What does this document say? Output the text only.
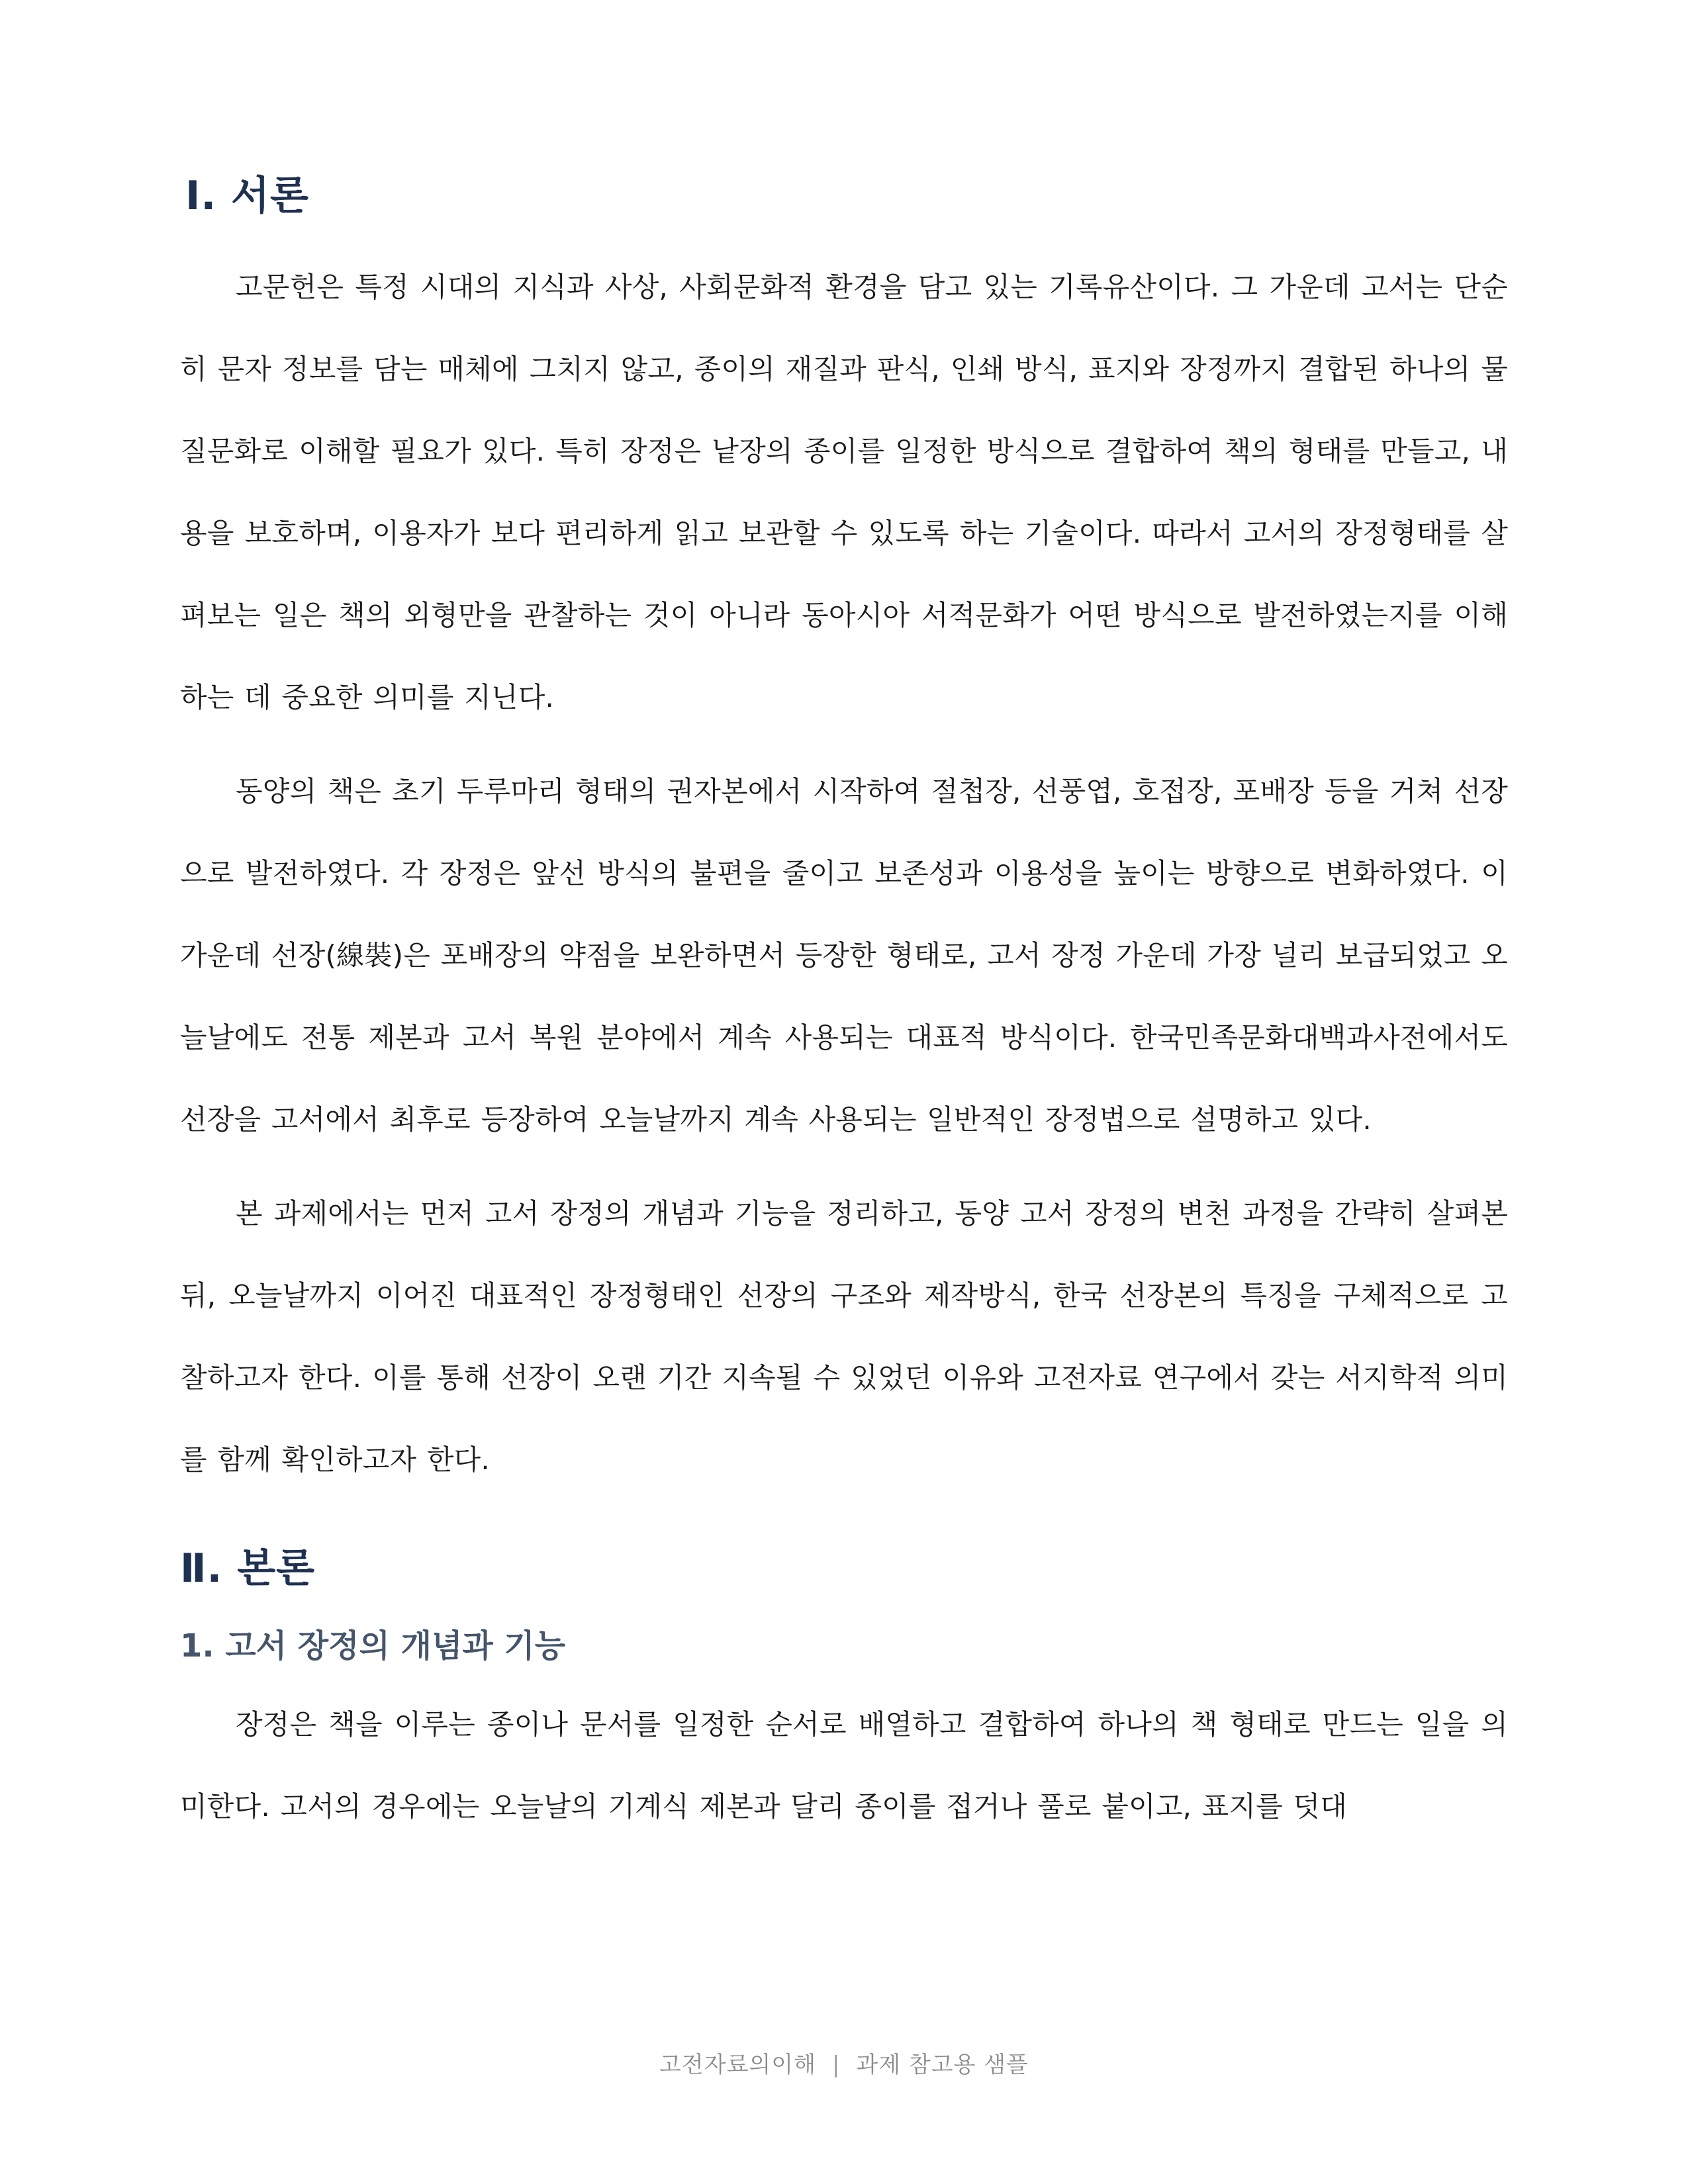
Ⅰ. 서론

고문헌은 특정 시대의 지식과 사상, 사회문화적 환경을 담고 있는 기록유산이다. 그 가운데 고서는 단순히 문자 정보를 담는 매체에 그치지 않고, 종이의 재질과 판식, 인쇄 방식, 표지와 장정까지 결합된 하나의 물질문화로 이해할 필요가 있다. 특히 장정은 낱장의 종이를 일정한 방식으로 결합하여 책의 형태를 만들고, 내용을 보호하며, 이용자가 보다 편리하게 읽고 보관할 수 있도록 하는 기술이다. 따라서 고서의 장정형태를 살펴보는 일은 책의 외형만을 관찰하는 것이 아니라 동아시아 서적문화가 어떤 방식으로 발전하였는지를 이해하는 데 중요한 의미를 지닌다.

동양의 책은 초기 두루마리 형태의 권자본에서 시작하여 절첩장, 선풍엽, 호접장, 포배장 등을 거쳐 선장으로 발전하였다. 각 장정은 앞선 방식의 불편을 줄이고 보존성과 이용성을 높이는 방향으로 변화하였다. 이 가운데 선장(線裝)은 포배장의 약점을 보완하면서 등장한 형태로, 고서 장정 가운데 가장 널리 보급되었고 오늘날에도 전통 제본과 고서 복원 분야에서 계속 사용되는 대표적 방식이다. 한국민족문화대백과사전에서도 선장을 고서에서 최후로 등장하여 오늘날까지 계속 사용되는 일반적인 장정법으로 설명하고 있다.

본 과제에서는 먼저 고서 장정의 개념과 기능을 정리하고, 동양 고서 장정의 변천 과정을 간략히 살펴본 뒤, 오늘날까지 이어진 대표적인 장정형태인 선장의 구조와 제작방식, 한국 선장본의 특징을 구체적으로 고찰하고자 한다. 이를 통해 선장이 오랜 기간 지속될 수 있었던 이유와 고전자료 연구에서 갖는 서지학적 의미를 함께 확인하고자 한다.

Ⅱ. 본론
1. 고서 장정의 개념과 기능

장정은 책을 이루는 종이나 문서를 일정한 순서로 배열하고 결합하여 하나의 책 형태로 만드는 일을 의미한다. 고서의 경우에는 오늘날의 기계식 제본과 달리 종이를 접거나 풀로 붙이고, 표지를 덧대

고전자료의이해 | 과제 참고용 샘플
